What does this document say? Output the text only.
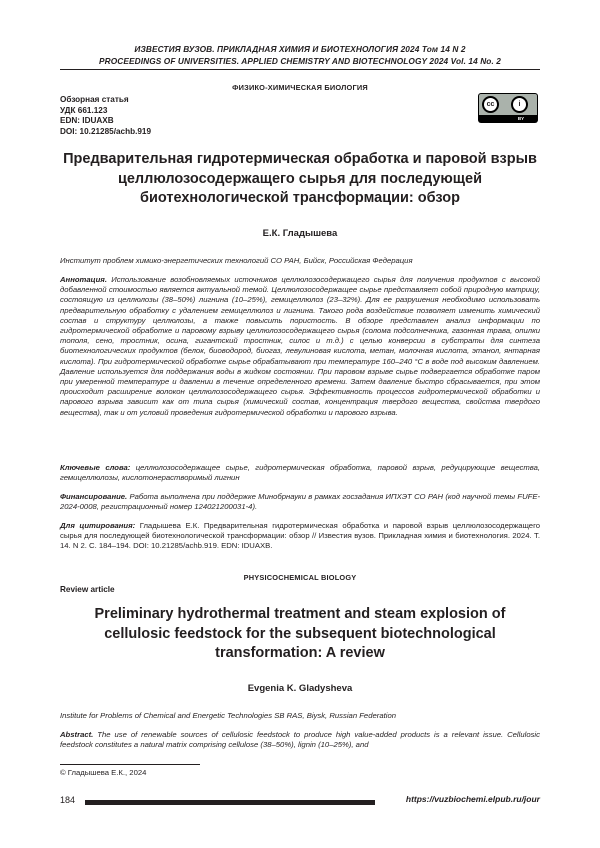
ИЗВЕСТИЯ ВУЗОВ. ПРИКЛАДНАЯ ХИМИЯ И БИОТЕХНОЛОГИЯ 2024 Том 14 N 2
PROCEEDINGS OF UNIVERSITIES. APPLIED CHEMISTRY AND BIOTECHNOLOGY 2024 Vol. 14 No. 2
ФИЗИКО-ХИМИЧЕСКАЯ БИОЛОГИЯ
Обзорная статья
УДК 661.123
EDN: IDUAXB
DOI: 10.21285/achb.919
cc	i
BY
Предварительная гидротермическая обработка и паровой взрыв целлюлозосодержащего сырья для последующей биотехнологической трансформации: обзор
Е.К. Гладышева
Институт проблем химико-энергетических технологий СО РАН, Бийск, Российская Федерация
Аннотация. Использование возобновляемых источников целлюлозосодержащего сырья для получения продуктов с высокой добавленной стоимостью является актуальной темой. Целлюлозосодержащее сырье представляет собой природную матрицу, состоящую из целлюлозы (38–50%) лигнина (10–25%), гемицеллюлоз (23–32%). Для ее разрушения необходимо использовать предварительную обработку с удалением гемицеллюлоз и лигнина. Такого рода воздействие позволяет изменить химический состав и структуру целлюлозы, а также повысить пористость. В обзоре представлен анализ информации по гидротермической обработке и паровому взрыву целлюлозосодержащего сырья (солома подсолнечника, газонная трава, опилки тополя, сено, тростник, осина, гигантский тростник, силос и т.д.) с целью конверсии в субстраты для синтеза биотехнологических продуктов (белок, биоводород, биогаз, левулиновая кислота, метан, молочная кислота, этанол, янтарная кислота). При гидротермической обработке сырье обрабатывают при температуре 160–240 °С в воде под высоким давлением. Давление используется для поддержания воды в жидком состоянии. При паровом взрыве сырье подвергается обработке паром при умеренной температуре и давлении в течение определенного времени. Затем давление быстро сбрасывается, при этом происходит расширение волокон целлюлозосодержащего сырья. Эффективность процессов гидротермической обработки и парового взрыва зависит как от типа сырья (химический состав, концентрация твердого вещества, свойства твердого вещества), так и от условий проведения гидротермической обработки и парового взрыва.
Ключевые слова: целлюлозосодержащее сырье, гидротермическая обработка, паровой взрыв, редуцирующие вещества, гемицеллюлозы, кислотонерастворимый лигнин
Финансирование. Работа выполнена при поддержке Минобрнауки в рамках госзадания ИПХЭТ СО РАН (код научной темы FUFE-2024-0008, регистрационный номер 124021200031-4).
Для цитирования: Гладышева Е.К. Предварительная гидротермическая обработка и паровой взрыв целлюлозосодержащего сырья для последующей биотехнологической трансформации: обзор // Известия вузов. Прикладная химия и биотехнология. 2024. Т. 14. N 2. С. 184–194. DOI: 10.21285/achb.919. EDN: IDUAXB.
PHYSICOCHEMICAL BIOLOGY
Review article
Preliminary hydrothermal treatment and steam explosion of cellulosic feedstock for the subsequent biotechnological transformation: A review
Evgenia K. Gladysheva
Institute for Problems of Chemical and Energetic Technologies SB RAS, Biysk, Russian Federation
Abstract. The use of renewable sources of cellulosic feedstock to produce high value-added products is a relevant issue. Cellulosic feedstock constitutes a natural matrix comprising cellulose (38–50%), lignin (10–25%), and
© Гладышева Е.К., 2024
184	https://vuzbiochemi.elpub.ru/jour
